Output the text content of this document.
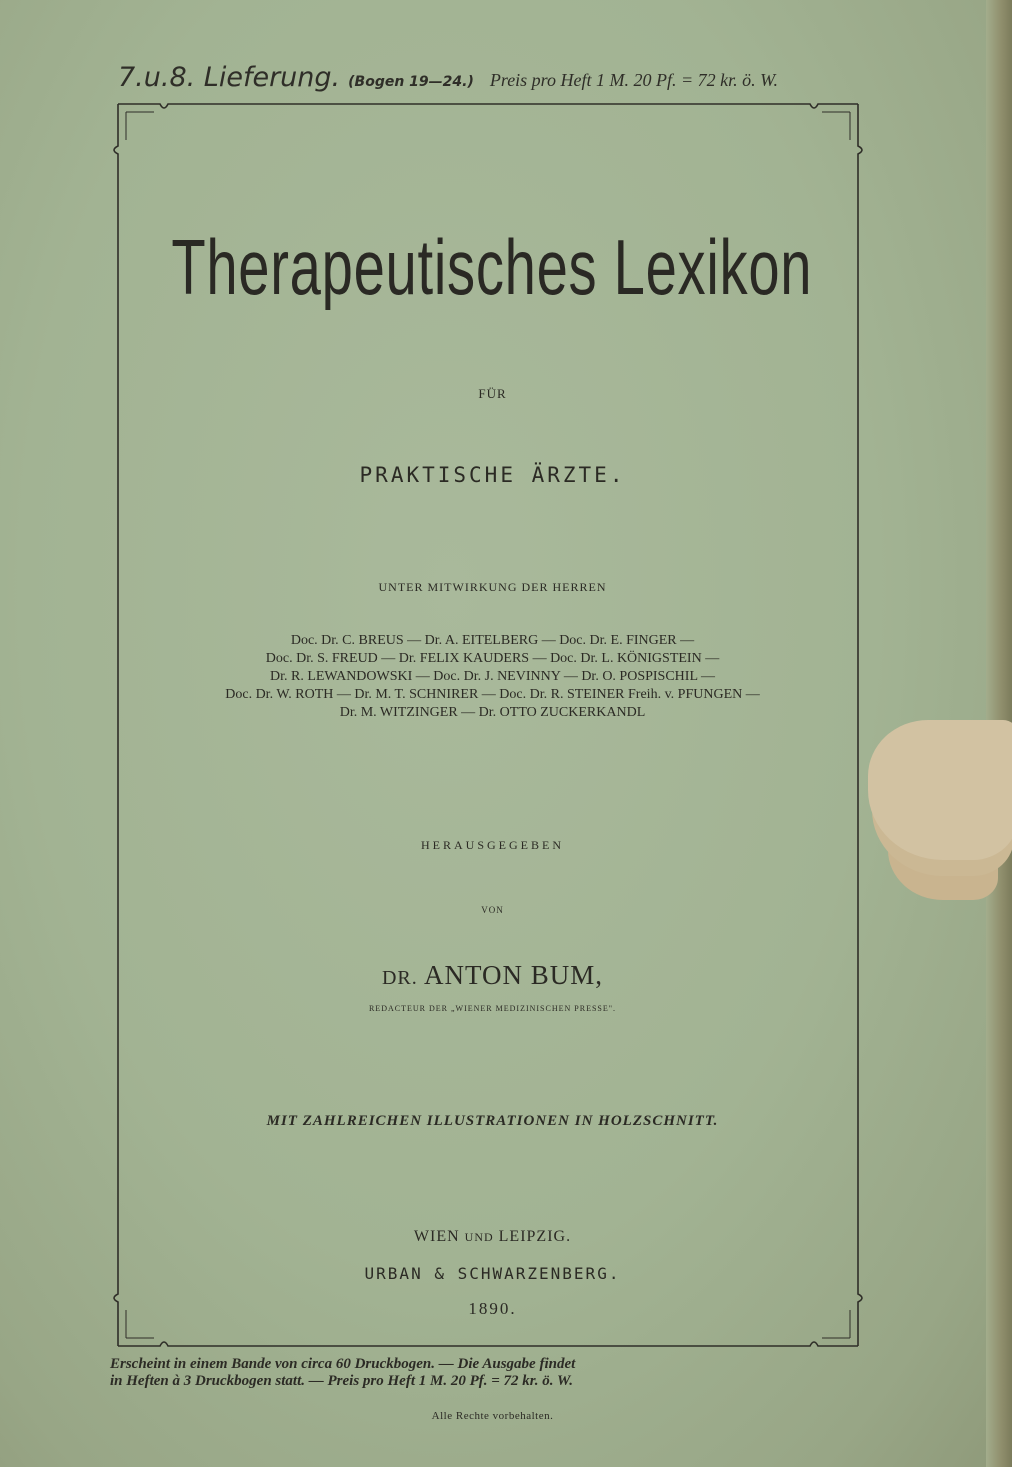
7.u.8. Lieferung. (Bogen 19—24.) Preis pro Heft 1 M. 20 Pf. = 72 kr. ö. W.
Therapeutisches Lexikon
FÜR
PRAKTISCHE ÄRZTE.
UNTER MITWIRKUNG DER HERREN
Doc. Dr. C. BREUS — Dr. A. EITELBERG — Doc. Dr. E. FINGER —
Doc. Dr. S. FREUD — Dr. FELIX KAUDERS — Doc. Dr. L. KÖNIGSTEIN —
Dr. R. LEWANDOWSKI — Doc. Dr. J. NEVINNY — Dr. O. POSPISCHIL —
Doc. Dr. W. ROTH — Dr. M. T. SCHNIRER — Doc. Dr. R. STEINER Freih. v. PFUNGEN —
Dr. M. WITZINGER — Dr. OTTO ZUCKERKANDL
HERAUSGEGEBEN
VON
DR. ANTON BUM,
REDACTEUR DER „WIENER MEDIZINISCHEN PRESSE".
MIT ZAHLREICHEN ILLUSTRATIONEN IN HOLZSCHNITT.
WIEN UND LEIPZIG.
URBAN & SCHWARZENBERG.
1890.
Erscheint in einem Bande von circa 60 Druckbogen. — Die Ausgabe findet
in Heften à 3 Druckbogen statt. — Preis pro Heft 1 M. 20 Pf. = 72 kr. ö. W.
Alle Rechte vorbehalten.
